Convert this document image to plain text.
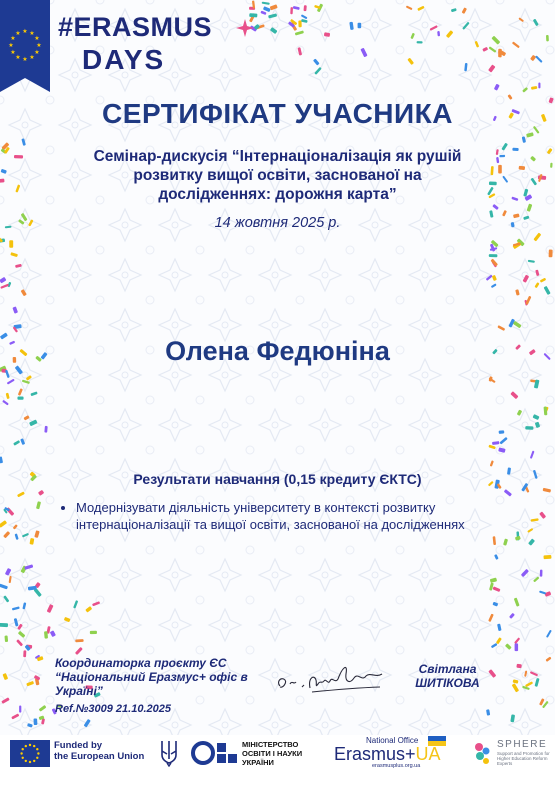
★ ★
★
★
★
★
★
★
★
★
★
★ #ERASMUS
DAYS
СЕРТИФІКАТ УЧАСНИКА
Семінар-дискусія “Інтернаціоналізація як рушій розвитку вищої освіти, заснованої на дослідженнях: дорожня карта”
14 жовтня 2025 р.
Олена Федюніна
Результати навчання (0,15 кредиту ЄКТС)
• Модернізувати діяльність університету в контексті розвитку інтернаціоналізації та вищої освіти, заснованої на дослідженнях
Координаторка проєкту ЄС
“Національний Еразмус+ офіс в Україні”
Ref.№3009 21.10.2025
Світлана
ШИТІКОВА
Funded by
the European Union
МІНІСТЕРСТВО
ОСВІТИ І НАУКИ
УКРАЇНИ
National Office
Erasmus+UA
erasmusplus.org.ua
SPHERE
Support and Promotion for Higher Education Reform Experts
